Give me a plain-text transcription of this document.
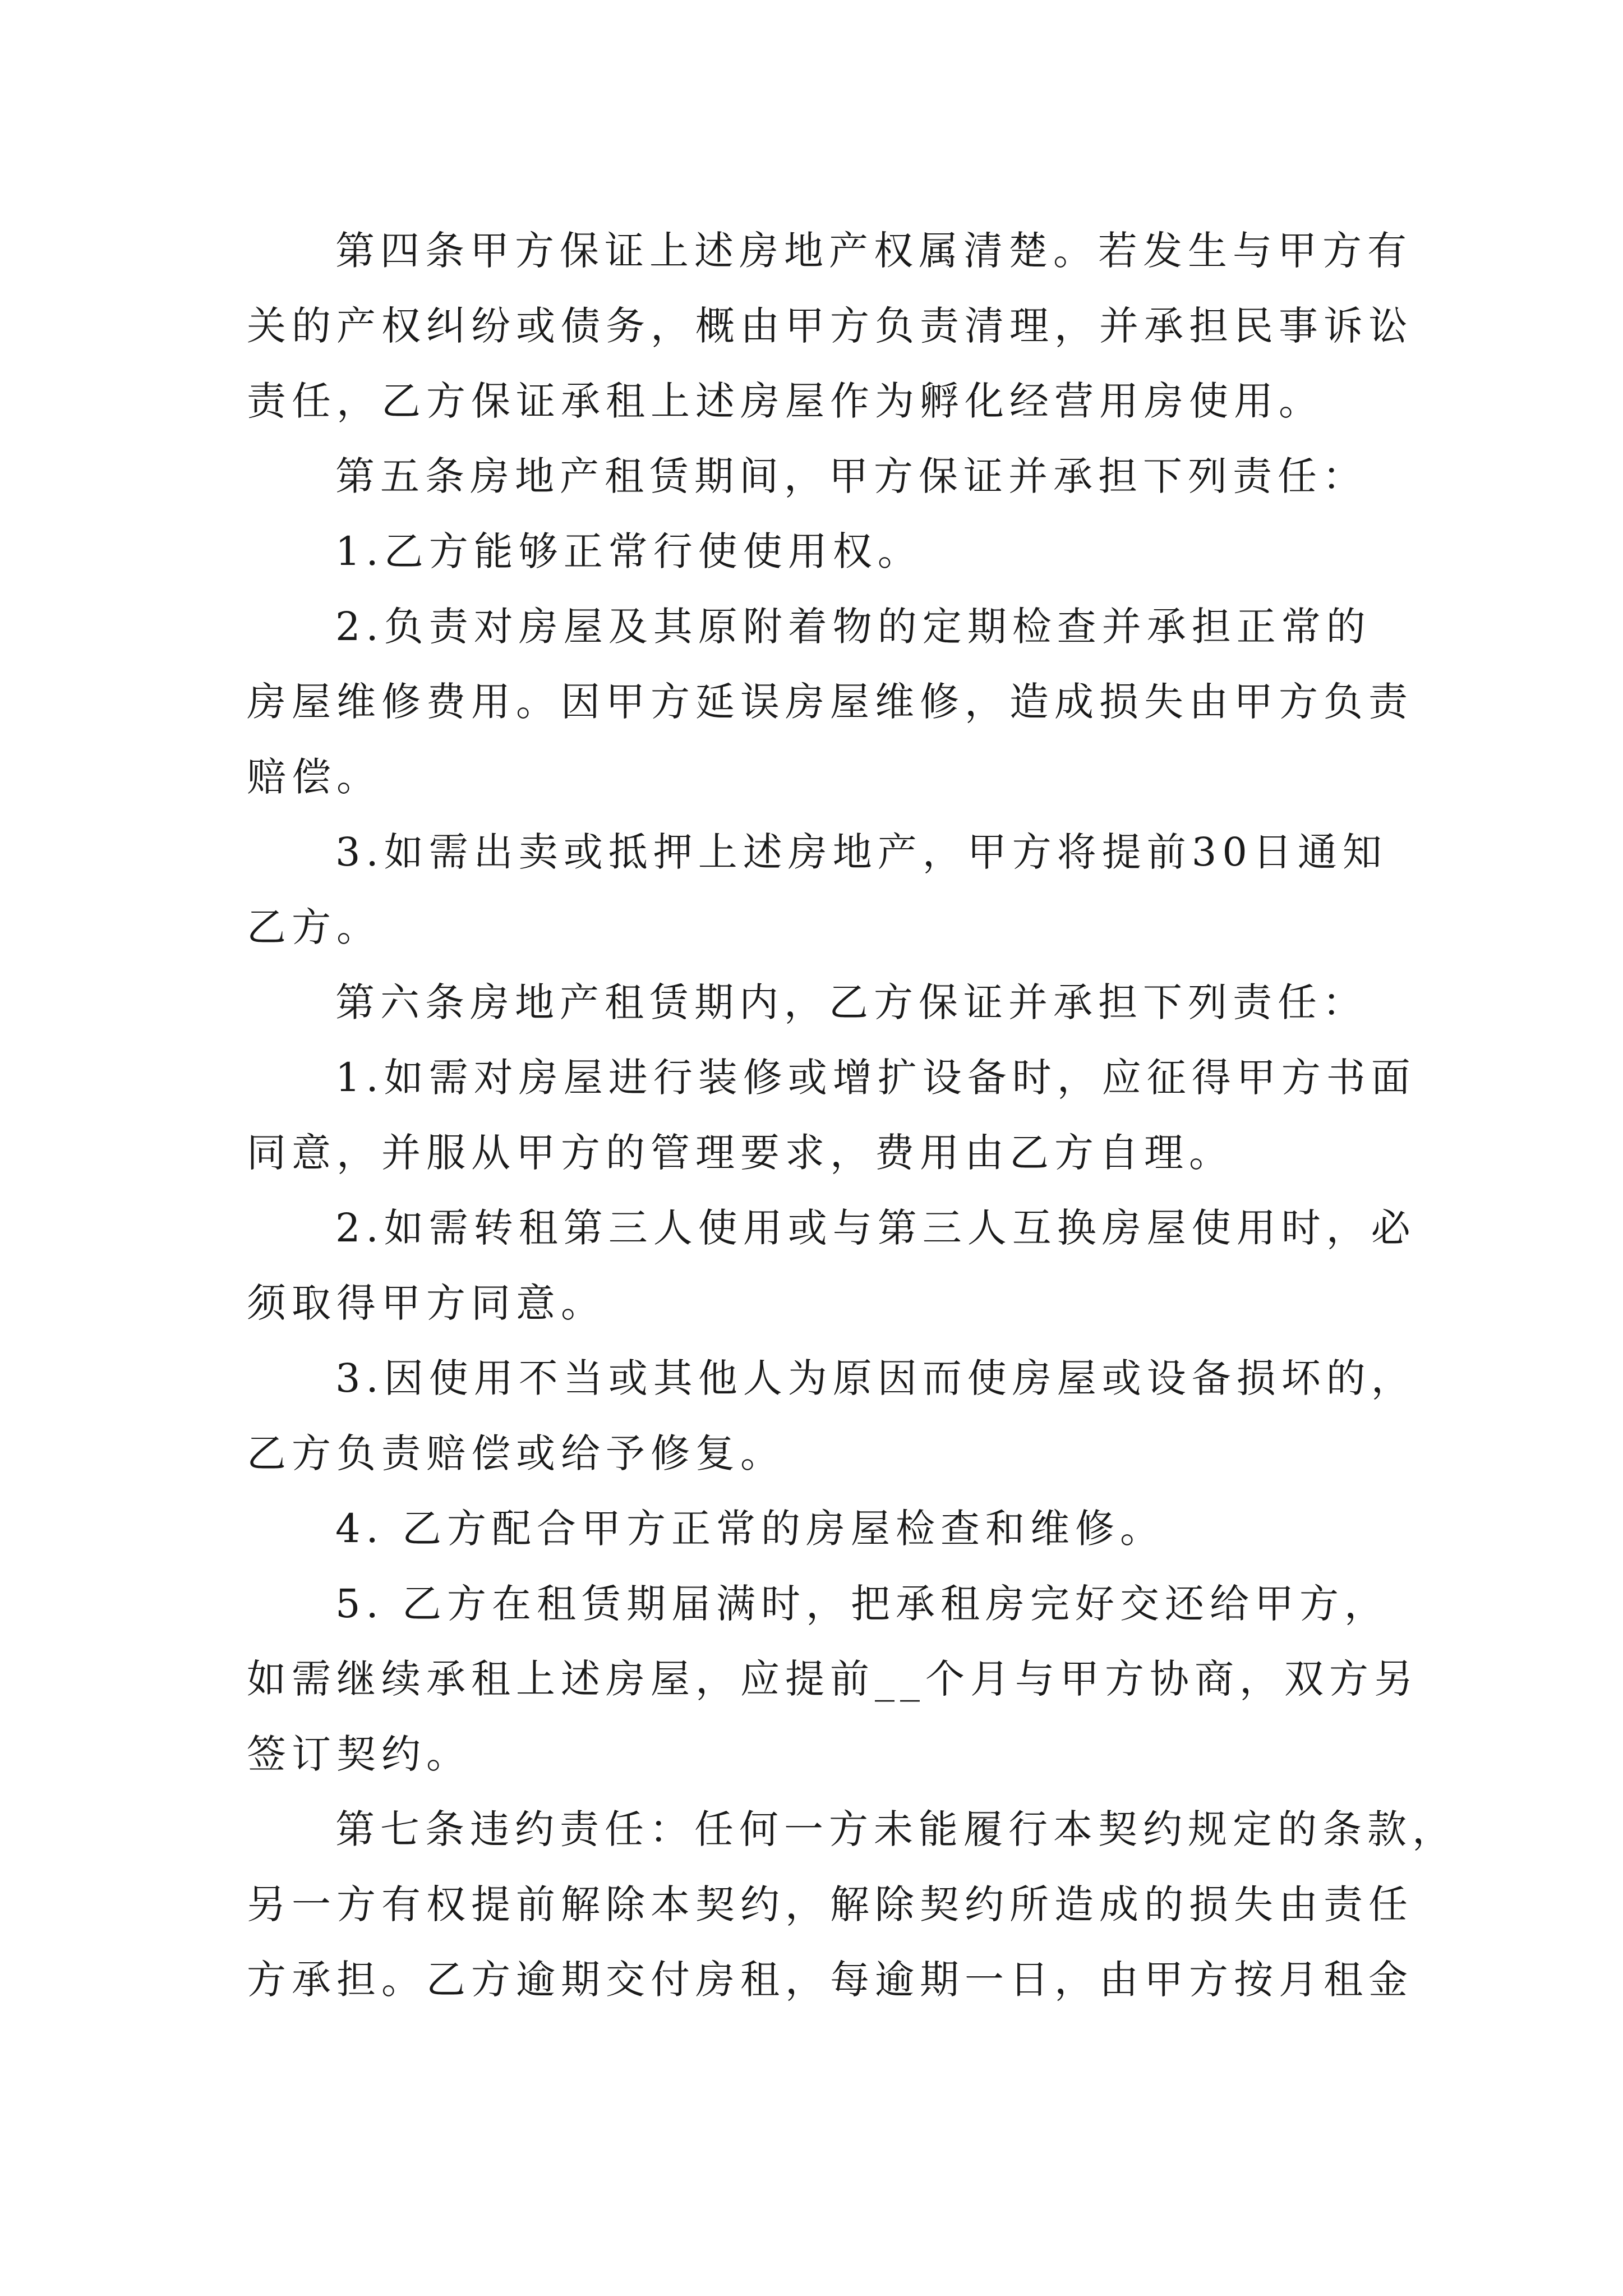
第四条甲方保证上述房地产权属清楚。若发生与甲方有
关的产权纠纷或债务，概由甲方负责清理，并承担民事诉讼
责任，乙方保证承租上述房屋作为孵化经营用房使用。
第五条房地产租赁期间，甲方保证并承担下列责任：
1.乙方能够正常行使使用权。
2.负责对房屋及其原附着物的定期检查并承担正常的
房屋维修费用。因甲方延误房屋维修，造成损失由甲方负责
赔偿。
3.如需出卖或抵押上述房地产，甲方将提前30日通知
乙方。
第六条房地产租赁期内，乙方保证并承担下列责任：
1.如需对房屋进行装修或增扩设备时，应征得甲方书面
同意，并服从甲方的管理要求，费用由乙方自理。
2.如需转租第三人使用或与第三人互换房屋使用时，必
须取得甲方同意。
3.因使用不当或其他人为原因而使房屋或设备损坏的，
乙方负责赔偿或给予修复。
4. 乙方配合甲方正常的房屋检查和维修。
5. 乙方在租赁期届满时，把承租房完好交还给甲方，
如需继续承租上述房屋，应提前__个月与甲方协商，双方另
签订契约。
第七条违约责任：任何一方未能履行本契约规定的条款，
另一方有权提前解除本契约，解除契约所造成的损失由责任
方承担。乙方逾期交付房租，每逾期一日，由甲方按月租金
